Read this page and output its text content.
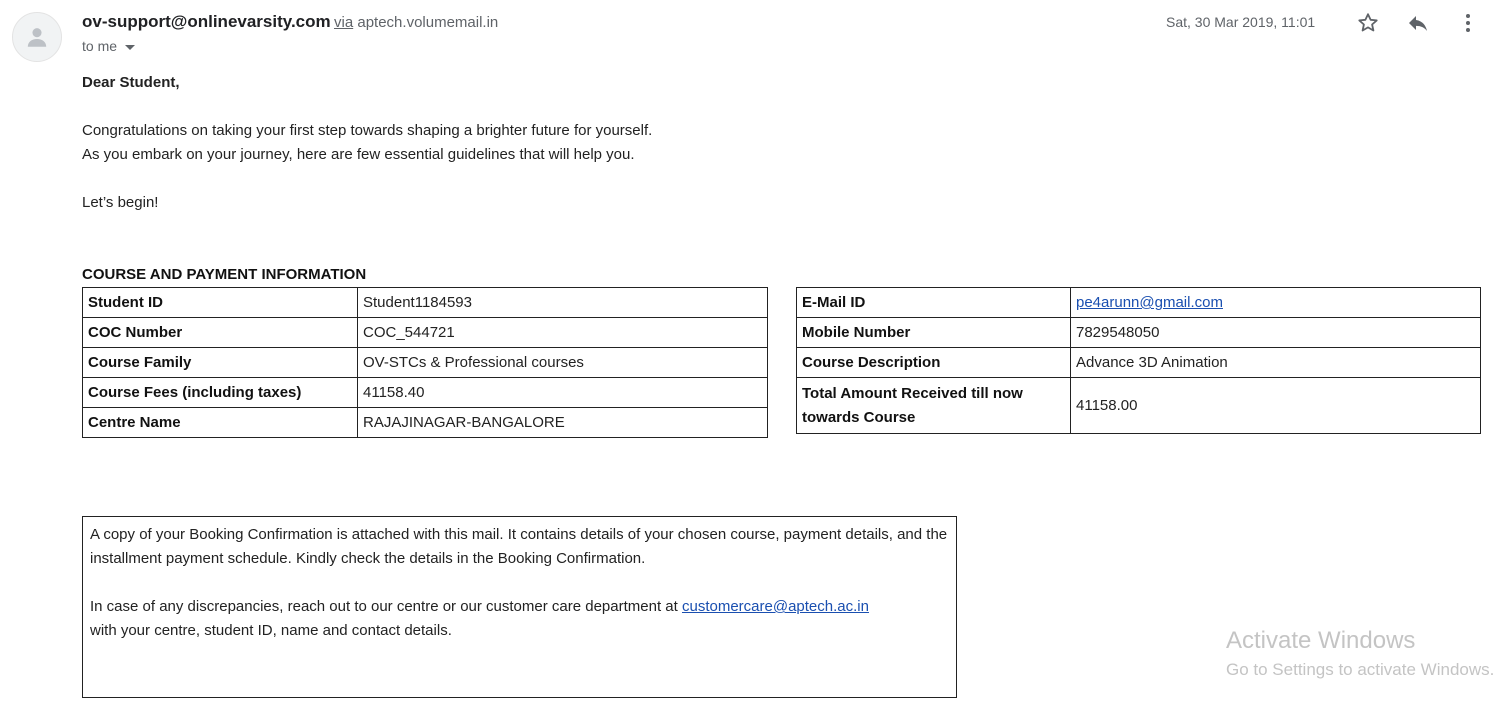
ov-support@onlinevarsity.com via aptech.volumemail.in
to me
Sat, 30 Mar 2019, 11:01
Dear Student,
Congratulations on taking your first step towards shaping a brighter future for yourself.
As you embark on your journey, here are few essential guidelines that will help you.
Let’s begin!
COURSE AND PAYMENT INFORMATION
Student ID	Student1184593
COC Number	COC_544721
Course Family	OV-STCs & Professional courses
Course Fees (including taxes)	41158.40
Centre Name	RAJAJINAGAR-BANGALORE
E-Mail ID	pe4arunn@gmail.com
Mobile Number	7829548050
Course Description	Advance 3D Animation
Total Amount Received till now towards Course	41158.00

A copy of your Booking Confirmation is attached with this mail. It contains details of your chosen course, payment details, and the installment payment schedule. Kindly check the details in the Booking Confirmation.

In case of any discrepancies, reach out to our centre or our customer care department at customercare@aptech.ac.in
with your centre, student ID, name and contact details.	Activate Windows
Go to Settings to activate Windows.
